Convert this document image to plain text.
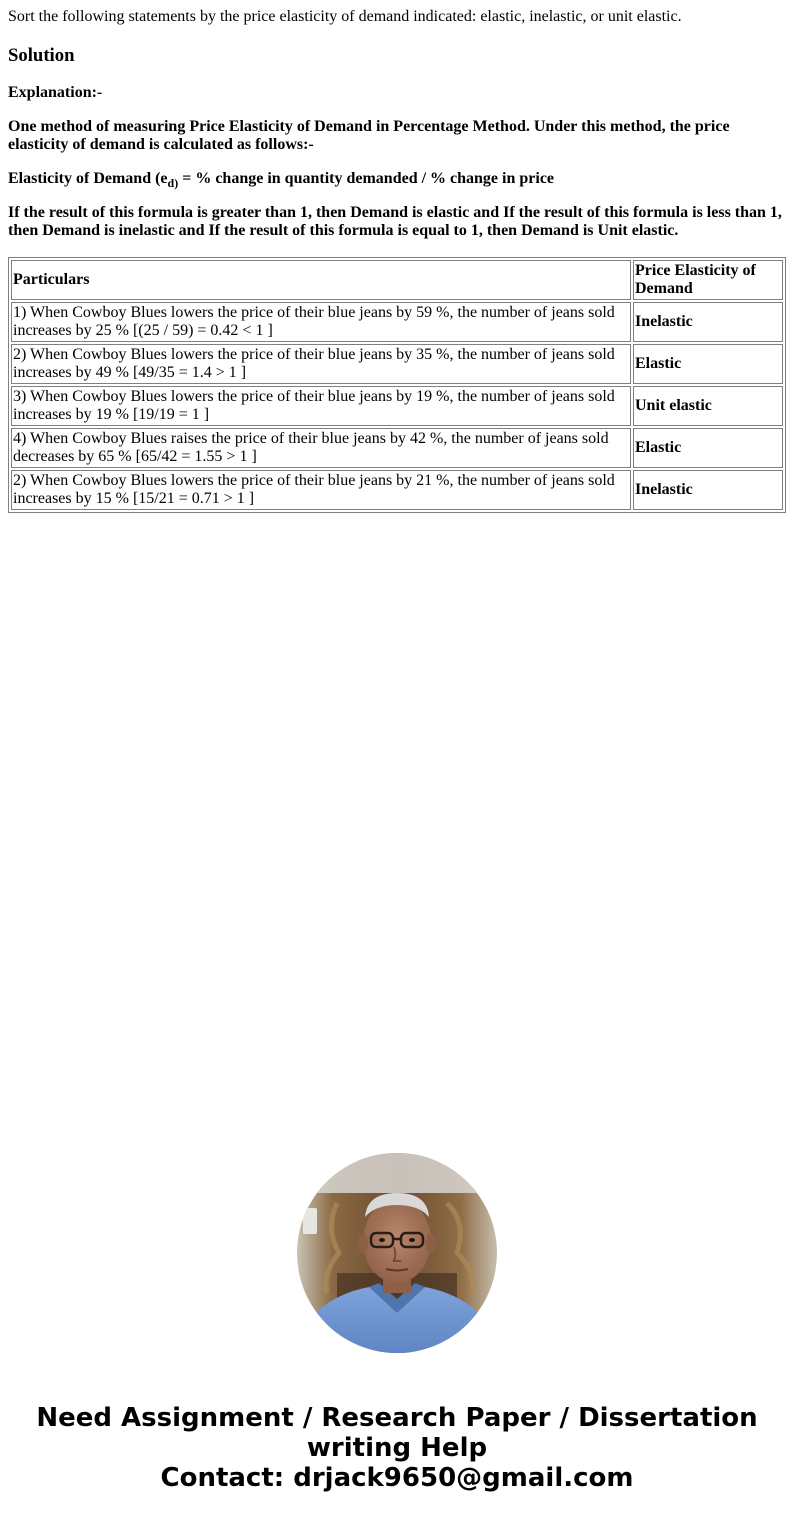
Sort the following statements by the price elasticity of demand indicated: elastic, inelastic, or unit elastic.

Solution

Explanation:-

One method of measuring Price Elasticity of Demand in Percentage Method. Under this method, the price elasticity of demand is calculated as follows:-

Elasticity of Demand ($e_{d)}$ = % change in quantity demanded / % change in price

If the result of this formula is greater than 1, then Demand is elastic and If the result of this formula is less than 1, then Demand is inelastic and If the result of this formula is equal to 1, then Demand is Unit elastic.

Particulars	Price Elasticity of Demand
1) When Cowboy Blues lowers the price of their blue jeans by 59 %, the number of jeans sold increases by 25 % [(25 / 59) = 0.42 < 1 ]	Inelastic
2) When Cowboy Blues lowers the price of their blue jeans by 35 %, the number of jeans sold increases by 49 % [49/35 = 1.4 > 1 ]	Elastic
3) When Cowboy Blues lowers the price of their blue jeans by 19 %, the number of jeans sold increases by 19 % [19/19 = 1 ]	Unit elastic
4) When Cowboy Blues raises the price of their blue jeans by 42 %, the number of jeans sold decreases by 65 % [65/42 = 1.55 > 1 ]	Elastic
2) When Cowboy Blues lowers the price of their blue jeans by 21 %, the number of jeans sold increases by 15 % [15/21 = 0.71 > 1 ]	Inelastic
Need Assignment / Research Paper / Dissertation writing Help
Contact: drjack9650@gmail.com
